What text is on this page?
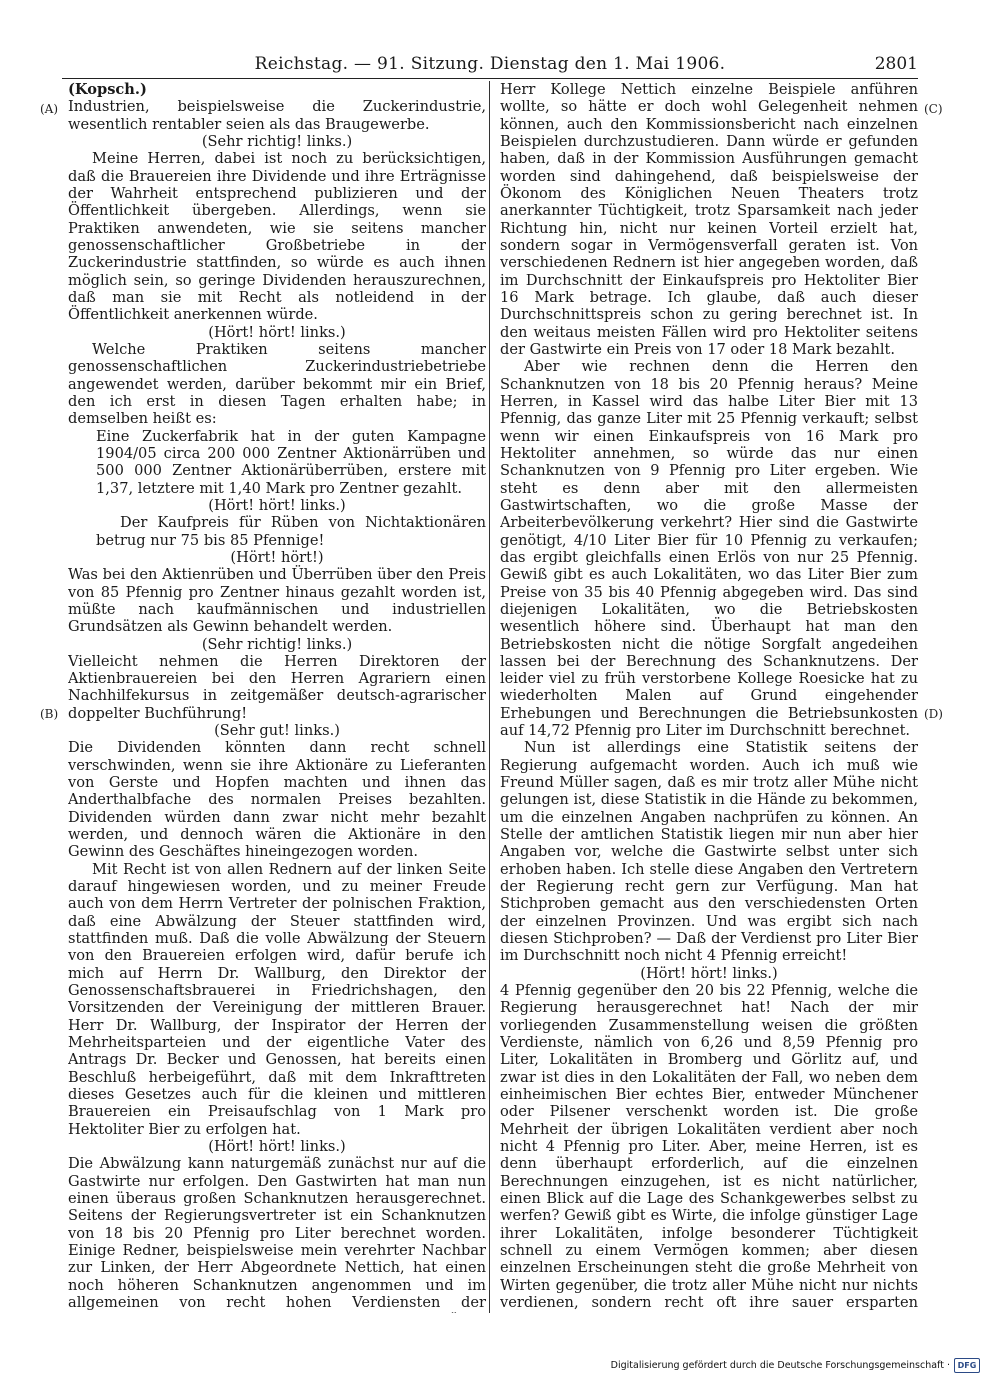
Reichstag. — 91. Sitzung. Dienstag den 1. Mai 1906.	2801
(A)
(B)
(C)
(D)

(Kopsch.)

Industrien, beispielsweise die Zuckerindustrie, wesentlich rentabler seien als das Braugewerbe.

(Sehr richtig! links.)

Meine Herren, dabei ist noch zu berücksichtigen, daß die Brauereien ihre Dividende und ihre Erträgnisse der Wahrheit entsprechend publizieren und der Öffentlichkeit übergeben. Allerdings, wenn sie Praktiken anwendeten, wie sie seitens mancher genossenschaftlicher Großbetriebe in der Zuckerindustrie stattfinden, so würde es auch ihnen möglich sein, so geringe Dividenden herauszurechnen, daß man sie mit Recht als notleidend in der Öffentlichkeit anerkennen würde.

(Hört! hört! links.)

Welche Praktiken seitens mancher genossenschaftlichen Zuckerindustriebetriebe angewendet werden, darüber bekommt mir ein Brief, den ich erst in diesen Tagen erhalten habe; in demselben heißt es:

Eine Zuckerfabrik hat in der guten Kampagne 1904/05 circa 200 000 Zentner Aktionärrüben und 500 000 Zentner Aktionärüberrüben, erstere mit 1,37, letztere mit 1,40 Mark pro Zentner gezahlt.

(Hört! hört! links.)

Der Kaufpreis für Rüben von Nichtaktionären betrug nur 75 bis 85 Pfennige!

(Hört! hört!)

Was bei den Aktienrüben und Überrüben über den Preis von 85 Pfennig pro Zentner hinaus gezahlt worden ist, müßte nach kaufmännischen und industriellen Grundsätzen als Gewinn behandelt werden.

(Sehr richtig! links.)

Vielleicht nehmen die Herren Direktoren der Aktienbrauereien bei den Herren Agrariern einen Nachhilfekursus in zeitgemäßer deutsch-agrarischer doppelter Buchführung!

(Sehr gut! links.)

Die Dividenden könnten dann recht schnell verschwinden, wenn sie ihre Aktionäre zu Lieferanten von Gerste und Hopfen machten und ihnen das Anderthalbfache des normalen Preises bezahlten. Dividenden würden dann zwar nicht mehr bezahlt werden, und dennoch wären die Aktionäre in den Gewinn des Geschäftes hineingezogen worden.

Mit Recht ist von allen Rednern auf der linken Seite darauf hingewiesen worden, und zu meiner Freude auch von dem Herrn Vertreter der polnischen Fraktion, daß eine Abwälzung der Steuer stattfinden wird, stattfinden muß. Daß die volle Abwälzung der Steuern von den Brauereien erfolgen wird, dafür berufe ich mich auf Herrn Dr. Wallburg, den Direktor der Genossenschaftsbrauerei in Friedrichshagen, den Vorsitzenden der Vereinigung der mittleren Brauer. Herr Dr. Wallburg, der Inspirator der Herren der Mehrheitsparteien und der eigentliche Vater des Antrags Dr. Becker und Genossen, hat bereits einen Beschluß herbeigeführt, daß mit dem Inkrafttreten dieses Gesetzes auch für die kleinen und mittleren Brauereien ein Preisaufschlag von 1 Mark pro Hektoliter Bier zu erfolgen hat.

(Hört! hört! links.)

Die Abwälzung kann naturgemäß zunächst nur auf die Gastwirte nur erfolgen. Den Gastwirten hat man nun einen überaus großen Schanknutzen herausgerechnet. Seitens der Regierungsvertreter ist ein Schanknutzen von 18 bis 20 Pfennig pro Liter berechnet worden. Einige Redner, beispielsweise mein verehrter Nachbar zur Linken, der Herr Abgeordnete Nettich, hat einen noch höheren Schanknutzen angenommen und im allgemeinen von recht hohen Verdiensten der

Herr Kollege Nettich einzelne Beispiele anführen wollte, so hätte er doch wohl Gelegenheit nehmen können, auch den Kommissionsbericht nach einzelnen Beispielen durchzustudieren. Dann würde er gefunden haben, daß in der Kommission Ausführungen gemacht worden sind dahingehend, daß beispielsweise der Ökonom des Königlichen Neuen Theaters trotz anerkannter Tüchtigkeit, trotz Sparsamkeit nach jeder Richtung hin, nicht nur keinen Vorteil erzielt hat, sondern sogar in Vermögensverfall geraten ist. Von verschiedenen Rednern ist hier angegeben worden, daß im Durchschnitt der Einkaufspreis pro Hektoliter Bier 16 Mark betrage. Ich glaube, daß auch dieser Durchschnittspreis schon zu gering berechnet ist. In den weitaus meisten Fällen wird pro Hektoliter seitens der Gastwirte ein Preis von 17 oder 18 Mark bezahlt.

Aber wie rechnen denn die Herren den Schanknutzen von 18 bis 20 Pfennig heraus? Meine Herren, in Kassel wird das halbe Liter Bier mit 13 Pfennig, das ganze Liter mit 25 Pfennig verkauft; selbst wenn wir einen Einkaufspreis von 16 Mark pro Hektoliter annehmen, so würde das nur einen Schanknutzen von 9 Pfennig pro Liter ergeben. Wie steht es denn aber mit den allermeisten Gastwirtschaften, wo die große Masse der Arbeiterbevölkerung verkehrt? Hier sind die Gastwirte genötigt, 4/10 Liter Bier für 10 Pfennig zu verkaufen; das ergibt gleichfalls einen Erlös von nur 25 Pfennig. Gewiß gibt es auch Lokalitäten, wo das Liter Bier zum Preise von 35 bis 40 Pfennig abgegeben wird. Das sind diejenigen Lokalitäten, wo die Betriebskosten wesentlich höhere sind. Überhaupt hat man den Betriebskosten nicht die nötige Sorgfalt angedeihen lassen bei der Berechnung des Schanknutzens. Der leider viel zu früh verstorbene Kollege Roesicke hat zu wiederholten Malen auf Grund eingehender Erhebungen und Berechnungen die Betriebsunkosten auf 14,72 Pfennig pro Liter im Durchschnitt berechnet.

Nun ist allerdings eine Statistik seitens der Regierung aufgemacht worden. Auch ich muß wie Freund Müller sagen, daß es mir trotz aller Mühe nicht gelungen ist, diese Statistik in die Hände zu bekommen, um die einzelnen Angaben nachprüfen zu können. An Stelle der amtlichen Statistik liegen mir nun aber hier Angaben vor, welche die Gastwirte selbst unter sich erhoben haben. Ich stelle diese Angaben den Vertretern der Regierung recht gern zur Verfügung. Man hat Stichproben gemacht aus den verschiedensten Orten der einzelnen Provinzen. Und was ergibt sich nach diesen Stichproben? — Daß der Verdienst pro Liter Bier im Durchschnitt noch nicht 4 Pfennig erreicht!

(Hört! hört! links.)

4 Pfennig gegenüber den 20 bis 22 Pfennig, welche die Regierung herausgerechnet hat! Nach der mir vorliegenden Zusammenstellung weisen die größten Verdienste, nämlich von 6,26 und 8,59 Pfennig pro Liter, Lokalitäten in Bromberg und Görlitz auf, und zwar ist dies in den Lokalitäten der Fall, wo neben dem einheimischen Bier echtes Bier, entweder Münchener oder Pilsener verschenkt worden ist. Die große Mehrheit der übrigen Lokalitäten verdient aber noch nicht 4 Pfennig pro Liter. Aber, meine Herren, ist es denn überhaupt erforderlich, auf die einzelnen Berechnungen einzugehen, ist es nicht natürlicher, einen Blick auf die Lage des Schankgewerbes selbst zu werfen? Gewiß gibt es Wirte, die infolge günstiger Lage ihrer Lokalitäten, infolge besonderer Tüchtigkeit schnell zu einem Vermögen kommen; aber diesen einzelnen Erscheinungen steht die große Mehrheit von Wirten gegenüber, die trotz aller Mühe nicht nur nichts verdienen, sondern recht oft ihre sauer ersparten

Digitalisierung gefördert durch die Deutsche Forschungsgemeinschaft · DFG
